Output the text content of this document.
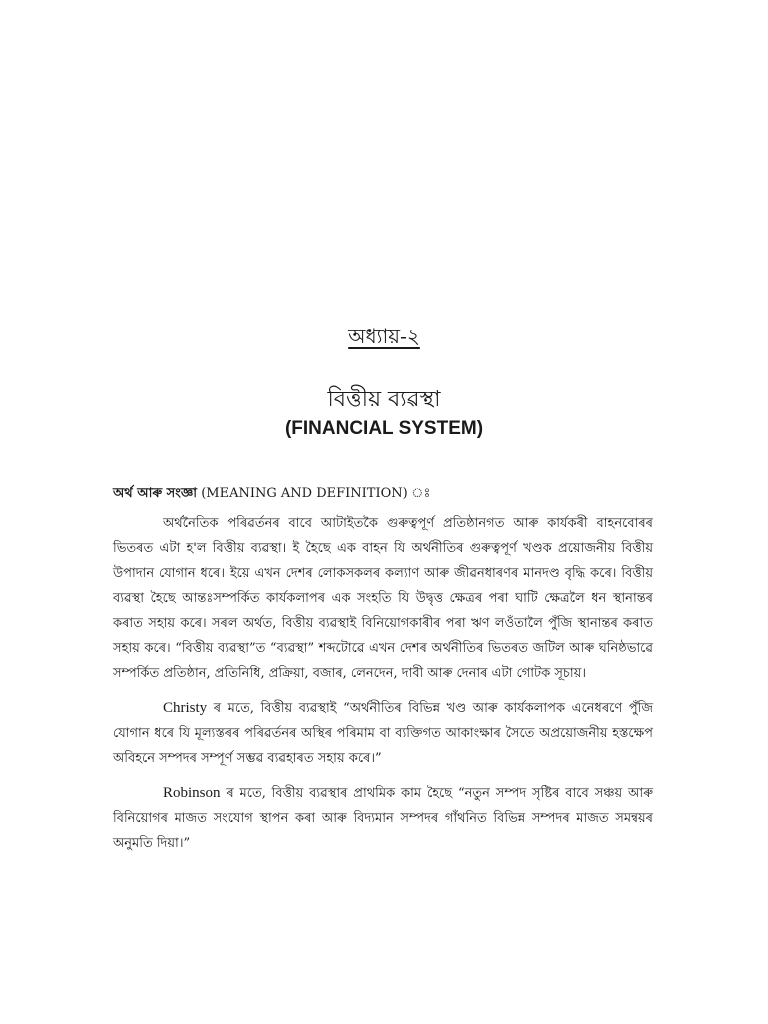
অধ্যায়-২
বিত্তীয় ব্যৱস্থা
(FINANCIAL SYSTEM)
অৰ্থ আৰু সংজ্ঞা (MEANING AND DEFINITION) ঃ

অৰ্থনৈতিক পৰিৱৰ্তনৰ বাবে আটাইতকৈ গুৰুত্বপূৰ্ণ প্ৰতিষ্ঠানগত আৰু কাৰ্যকৰী বাহনবোৰৰ ভিতৰত এটা হ'ল বিত্তীয় ব্যৱস্থা। ই হৈছে এক বাহন যি অৰ্থনীতিৰ গুৰুত্বপূৰ্ণ খণ্ডক প্ৰয়োজনীয় বিত্তীয় উপাদান যোগান ধৰে। ইয়ে এখন দেশৰ লোকসকলৰ কল্যাণ আৰু জীৱনধাৰণৰ মানদণ্ড বৃদ্ধি কৰে। বিত্তীয় ব্যৱস্থা হৈছে আন্তঃসম্পৰ্কিত কাৰ্যকলাপৰ এক সংহতি যি উদ্বৃত্ত ক্ষেত্ৰৰ পৰা ঘাটি ক্ষেত্ৰলৈ ধন স্থানান্তৰ কৰাত সহায় কৰে। সৰল অৰ্থত, বিত্তীয় ব্যৱস্থাই বিনিয়োগকাৰীৰ পৰা ঋণ লওঁতালৈ পুঁজি স্থানান্তৰ কৰাত সহায় কৰে। “বিত্তীয় ব্যৱস্থা”ত “ব্যৱস্থা” শব্দটোৱে এখন দেশৰ অৰ্থনীতিৰ ভিতৰত জটিল আৰু ঘনিষ্ঠভাৱে সম্পৰ্কিত প্ৰতিষ্ঠান, প্ৰতিনিধি, প্ৰক্ৰিয়া, বজাৰ, লেনদেন, দাবী আৰু দেনাৰ এটা গোটক সূচায়।

Christy ৰ মতে, বিত্তীয় ব্যৱস্থাই “অৰ্থনীতিৰ বিভিন্ন খণ্ড আৰু কাৰ্যকলাপক এনেধৰণে পুঁজি যোগান ধৰে যি মূল্যস্তৰৰ পৰিৱৰ্তনৰ অস্থিৰ পৰিমাম বা ব্যক্তিগত আকাংক্ষাৰ সৈতে অপ্ৰয়োজনীয় হস্তক্ষেপ অবিহনে সম্পদৰ সম্পূৰ্ণ সম্ভৱ ব্যৱহাৰত সহায় কৰে।”

Robinson ৰ মতে, বিত্তীয় ব্যৱস্থাৰ প্ৰাথমিক কাম হৈছে “নতুন সম্পদ সৃষ্টিৰ বাবে সঞ্চয় আৰু বিনিয়োগৰ মাজত সংযোগ স্থাপন কৰা আৰু বিদ্যমান সম্পদৰ গাঁথনিত বিভিন্ন সম্পদৰ মাজত সমন্বয়ৰ অনুমতি দিয়া।”
